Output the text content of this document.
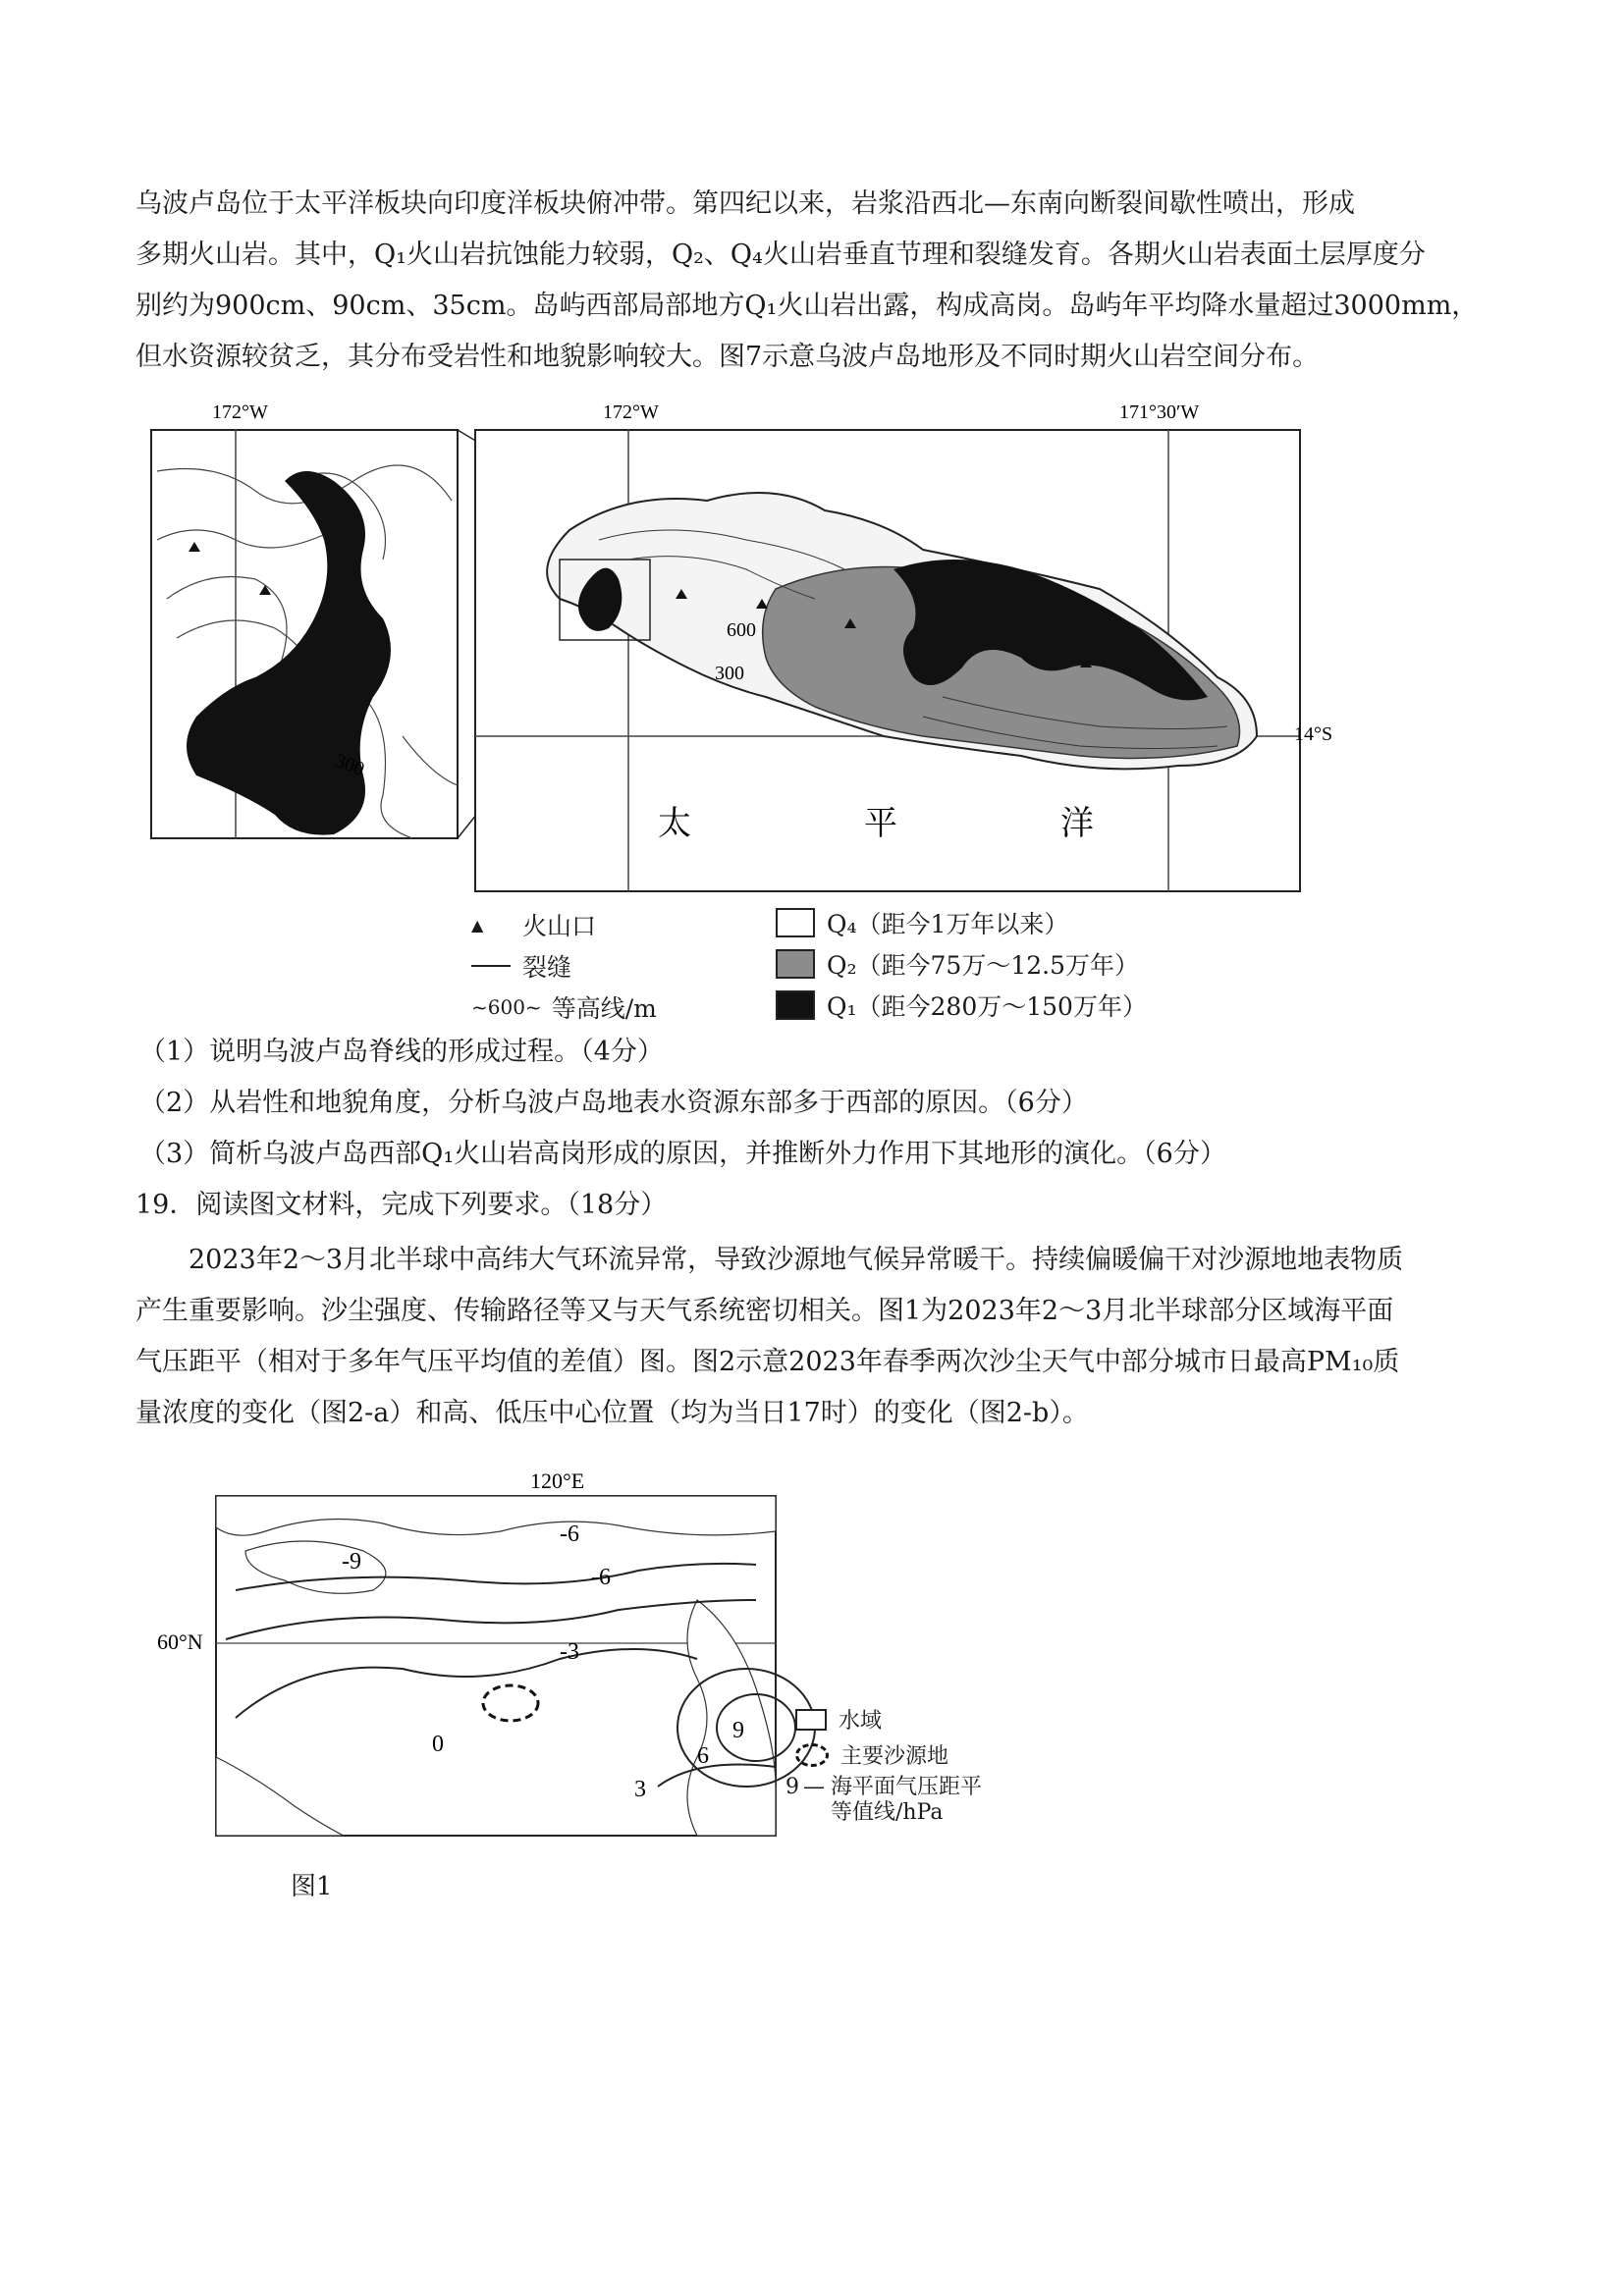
乌波卢岛位于太平洋板块向印度洋板块俯冲带。第四纪以来，岩浆沿西北—东南向断裂间歇性喷出，形成
多期火山岩。其中，Q₁火山岩抗蚀能力较弱，Q₂、Q₄火山岩垂直节理和裂缝发育。各期火山岩表面土层厚度分
别约为900cm、90cm、35cm。岛屿西部局部地方Q₁火山岩出露，构成高岗。岛屿年平均降水量超过3000mm，
但水资源较贫乏，其分布受岩性和地貌影响较大。图7示意乌波卢岛地形及不同时期火山岩空间分布。
300
172°W	172°W	171°30′W
14°S
600
300
太	平	洋
▲	火山口
裂缝
~600~ 等高线/m
Q₄（距今1万年以来）
Q₂（距今75万～12.5万年）
Q₁（距今280万～150万年）
（1）说明乌波卢岛脊线的形成过程。（4分）
（2）从岩性和地貌角度，分析乌波卢岛地表水资源东部多于西部的原因。（6分）
（3）简析乌波卢岛西部Q₁火山岩高岗形成的原因，并推断外力作用下其地形的演化。（6分）
19．阅读图文材料，完成下列要求。（18分）
2023年2～3月北半球中高纬大气环流异常，导致沙源地气候异常暖干。持续偏暖偏干对沙源地地表物质
产生重要影响。沙尘强度、传输路径等又与天气系统密切相关。图1为2023年2～3月北半球部分区域海平面
气压距平（相对于多年气压平均值的差值）图。图2示意2023年春季两次沙尘天气中部分城市日最高PM₁₀质
量浓度的变化（图2-a）和高、低压中心位置（均为当日17时）的变化（图2-b）。
120°E
60°N
-6
-9
-6
-3
0
3
6
9	水域
主要沙源地
9 — 海平面气压距平
等值线/hPa
图1
